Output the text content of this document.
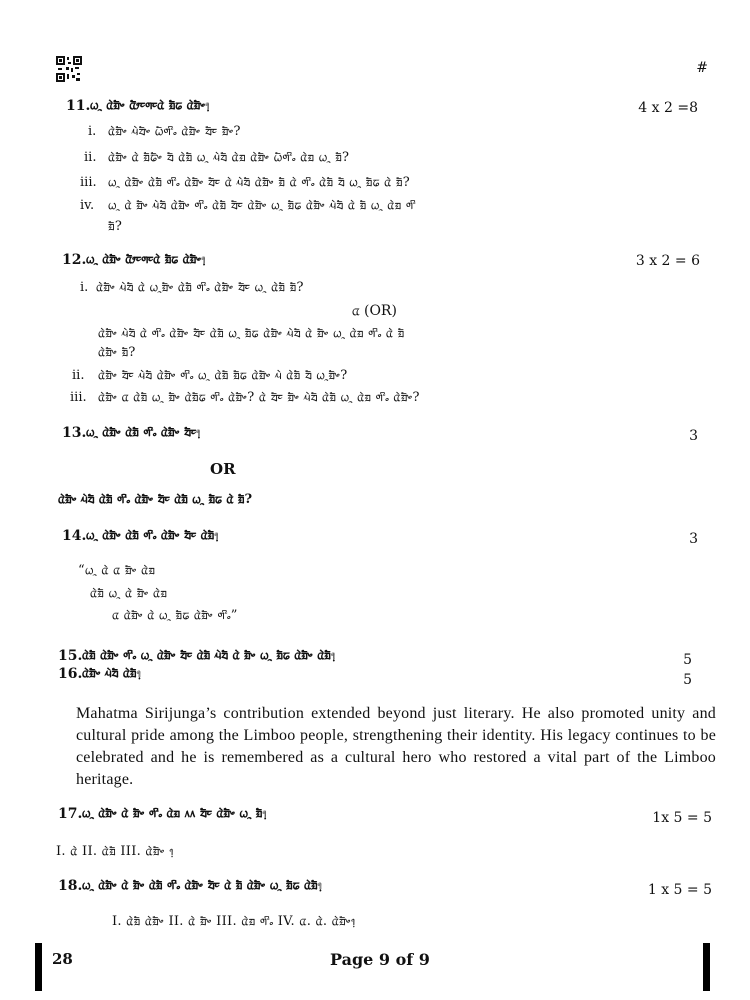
#
11. ᤐᤳ ᤂᤧᤀᤠᤴ ᤂᤥᤰᤛᤰᤂᤧ ᤀᤠᤒ ᤂᤧᤀᤠᤴ᥄	4 x 2 =8
i. ᤂᤧᤀᤠᤴ ᤘᤧᤔᤠᤴ ᤐᤠᤛᤡᤱ ᤂᤧᤀᤠᤴ ᤔᤠᤰ ᤀᤠᤴ?
ii. ᤂᤧᤀᤠᤴ ᤂᤧ ᤀᤠᤒᤠᤴ ᤔᤠ ᤂᤧᤀᤠ ᤐᤳ ᤘᤧᤔᤠ ᤂᤧᤀ ᤂᤧᤀᤠᤴ ᤐᤠᤛᤡᤱ ᤂᤧᤀ ᤐᤳ ᤀᤠ?
iii. ᤐᤳ ᤂᤧᤀᤠᤴ ᤂᤧᤀᤠ ᤛᤡᤱ ᤂᤧᤀᤠᤴ ᤔᤠᤰ ᤂᤧ ᤘᤧᤔᤠ ᤂᤧᤀᤠᤴ ᤀᤠ ᤂᤧ ᤛᤡᤱ ᤂᤧᤀᤠ ᤔᤠ ᤐᤳ ᤀᤠᤒ ᤂᤧ ᤀᤠ?
iv. ᤐᤳ ᤂᤧ ᤀᤠᤴ ᤘᤧᤔᤠ ᤂᤧᤀᤠᤴ ᤛᤡᤱ ᤂᤧᤀᤠ ᤔᤠᤰ ᤂᤧᤀᤠᤴ ᤐᤳ ᤀᤠᤒ ᤂᤧᤀᤠᤴ ᤘᤧᤔᤠ ᤂᤧ ᤀᤠ ᤐᤳ ᤂᤧᤀ ᤛᤡ
ᤀᤠ?
12. ᤐᤳ ᤂᤧᤀᤠᤴ ᤂᤥᤰᤛᤰᤂᤧ ᤀᤠᤒ ᤂᤧᤀᤠᤴ᥄	3 x 2 = 6
i. ᤂᤧᤀᤠᤴ ᤘᤧᤔᤠ ᤂᤧ ᤐᤳᤀᤠᤴ ᤂᤧᤀᤠ ᤛᤡᤱ ᤂᤧᤀᤠᤴ ᤔᤠᤰ ᤐᤳ ᤂᤧᤀᤠ ᤀᤠ?
ᤂ (OR)
ᤂᤧᤀᤠᤴ ᤘᤧᤔᤠ ᤂᤧ ᤛᤡᤱ ᤂᤧᤀᤠᤴ ᤔᤠᤰ ᤂᤧᤀᤠ ᤐᤳ ᤀᤠᤒ ᤂᤧᤀᤠᤴ ᤘᤧᤔᤠ ᤂᤧ ᤀᤠᤴ ᤐᤳ ᤂᤧᤀ ᤛᤡᤱ ᤂᤧ ᤀᤠ
ᤂᤧᤀᤠᤴ ᤀᤠ?
ii. ᤂᤧᤀᤠᤴ ᤔᤠᤰ ᤘᤧᤔᤠ ᤂᤧᤀᤠᤴ ᤛᤡᤱ ᤐᤳ ᤂᤧᤀᤠ ᤀᤠᤒ ᤂᤧᤀᤠᤴ ᤘᤧ ᤂᤧᤀᤠ ᤔᤠ ᤐᤳᤀᤠᤴ?
iii. ᤂᤧᤀᤠᤴ ᤂ ᤂᤧᤀᤠ ᤐᤳ ᤀᤠᤴ ᤂᤧᤀᤠᤒ ᤛᤡᤱ ᤂᤧᤀᤠᤴ? ᤂᤧ ᤔᤠᤰ ᤀᤠᤴ ᤘᤧᤔᤠ ᤂᤧᤀᤠ ᤐᤳ ᤂᤧᤀ ᤛᤡᤱ ᤂᤧᤀᤠᤴ?
13. ᤐᤳ ᤂᤧᤀᤠᤴ ᤂᤧᤀᤠ ᤛᤡᤱ ᤂᤧᤀᤠᤴ ᤔᤠᤰ᥄	3
OR
ᤂᤧᤀᤠᤴ ᤘᤧᤔᤠ ᤂᤧᤀᤠ ᤛᤡᤱ ᤂᤧᤀᤠᤴ ᤔᤠᤰ ᤂᤧᤀᤠ ᤐᤳ ᤀᤠᤒ ᤂᤧ ᤀᤠ?
14. ᤐᤳ ᤂᤧᤀᤠᤴ ᤂᤧᤀᤠ ᤛᤡᤱ ᤂᤧᤀᤠᤴ ᤔᤠᤰ ᤂᤧᤀᤠ᥄	3
“ᤐᤳ ᤂᤧ ᤂ ᤀᤠᤴ ᤂᤧᤀ
ᤂᤧᤀᤠ ᤐᤳ ᤂᤧ ᤀᤠᤴ ᤂᤧᤀ
ᤂ ᤂᤧᤀᤠᤴ ᤂᤧ ᤐᤳ ᤀᤠᤒ ᤂᤧᤀᤠᤴ ᤛᤡᤱ”
15. ᤂᤧᤀᤠ ᤂᤧᤀᤠᤴ ᤛᤡᤱ ᤐᤳ ᤂᤧᤀᤠᤴ ᤔᤠᤰ ᤂᤧᤀᤠ ᤘᤧᤔᤠ ᤂᤧ ᤀᤠᤴ ᤐᤳ ᤀᤠᤒ ᤂᤧᤀᤠᤴ ᤂᤧᤀᤠ᥄	5
16. ᤂᤧᤀᤠᤴ ᤘᤧᤔᤠ ᤂᤧᤀᤠ᥄	5
Mahatma Sirijunga’s contribution extended beyond just literary. He also promoted unity and cultural pride among the Limboo people, strengthening their identity. His legacy continues to be celebrated and he is remembered as a cultural hero who restored a vital part of the Limboo heritage.
17. ᤐᤳ ᤂᤧᤀᤠᤴ ᤂᤧ ᤀᤠᤴ ᤛᤡᤱ ᤂᤧᤀ ᥈᥈ ᤔᤠᤰ ᤂᤧᤀᤠᤴ ᤐᤳ ᤀᤠ᥄	1x 5 = 5
I. ᤂᤧ II. ᤂᤧᤀᤠ III. ᤂᤧᤀᤠᤴ ᥄
18. ᤐᤳ ᤂᤧᤀᤠᤴ ᤂᤧ ᤀᤠᤴ ᤂᤧᤀᤠ ᤛᤡᤱ ᤂᤧᤀᤠᤴ ᤔᤠᤰ ᤂᤧ ᤀᤠ ᤂᤧᤀᤠᤴ ᤐᤳ ᤀᤠᤒ ᤂᤧᤀᤠ᥄	1 x 5 = 5
I. ᤂᤧᤀᤠ ᤂᤧᤀᤠᤴ II. ᤂᤧ ᤀᤠᤴ III. ᤂᤧᤀ ᤛᤡᤱ IV. ᤂ. ᤂᤧ. ᤂᤧᤀᤠᤴ᥄
28	Page 9 of 9
